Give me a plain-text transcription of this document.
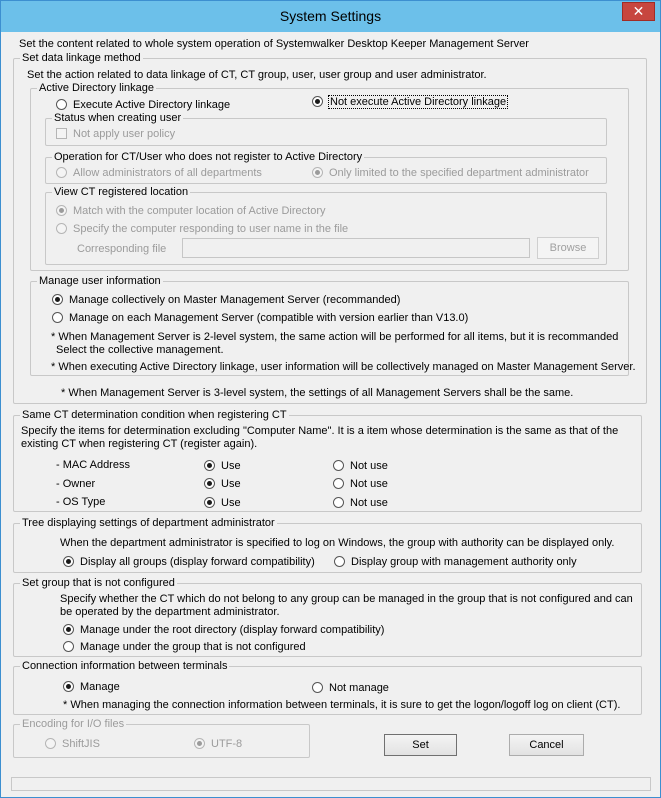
System Settings	✕
Set the content related to whole system operation of Systemwalker Desktop Keeper Management Server
Set data linkage method
Set the action related to data linkage of CT, CT group, user, user group and user administrator.
Active Directory linkage
Execute Active Directory linkage	Not execute Active Directory linkage
Status when creating user
Not apply user policy
Operation for CT/User who does not register to Active Directory
Allow administrators of all departments	Only limited to the specified department administrator
View CT registered location
Match with the computer location of Active Directory
Specify the computer responding to user name in the file
Corresponding file	Browse
Manage user information
Manage collectively on Master Management Server (recommanded)
Manage on each Management Server (compatible with version earlier than V13.0)
* When Management Server is 2-level system, the same action will be performed for all items, but it is recommanded
Select the collective management.
* When executing Active Directory linkage, user information will be collectively managed on Master Management Server.
* When Management Server is 3-level system, the settings of all Management Servers shall be the same.
Same CT determination condition when registering CT
Specify the items for determination excluding "Computer Name". It is a item whose determination is the same as that of the
existing CT when registering CT (register again).
- MAC Address	Use	Not use
- Owner	Use	Not use
- OS Type	Use	Not use
Tree displaying settings of department administrator
When the department administrator is specified to log on Windows, the group with authority can be displayed only.
Display all groups (display forward compatibility)	Display group with management authority only
Set group that is not configured
Specify whether the CT which do not belong to any group can be managed in the group that is not configured and can
be operated by the department administrator.
Manage under the root directory (display forward compatibility)
Manage under the group that is not configured
Connection information between terminals
Manage	Not manage
* When managing the connection information between terminals, it is sure to get the logon/logoff log on client (CT).
Encoding for I/O files
ShiftJIS	UTF-8	Set	Cancel
